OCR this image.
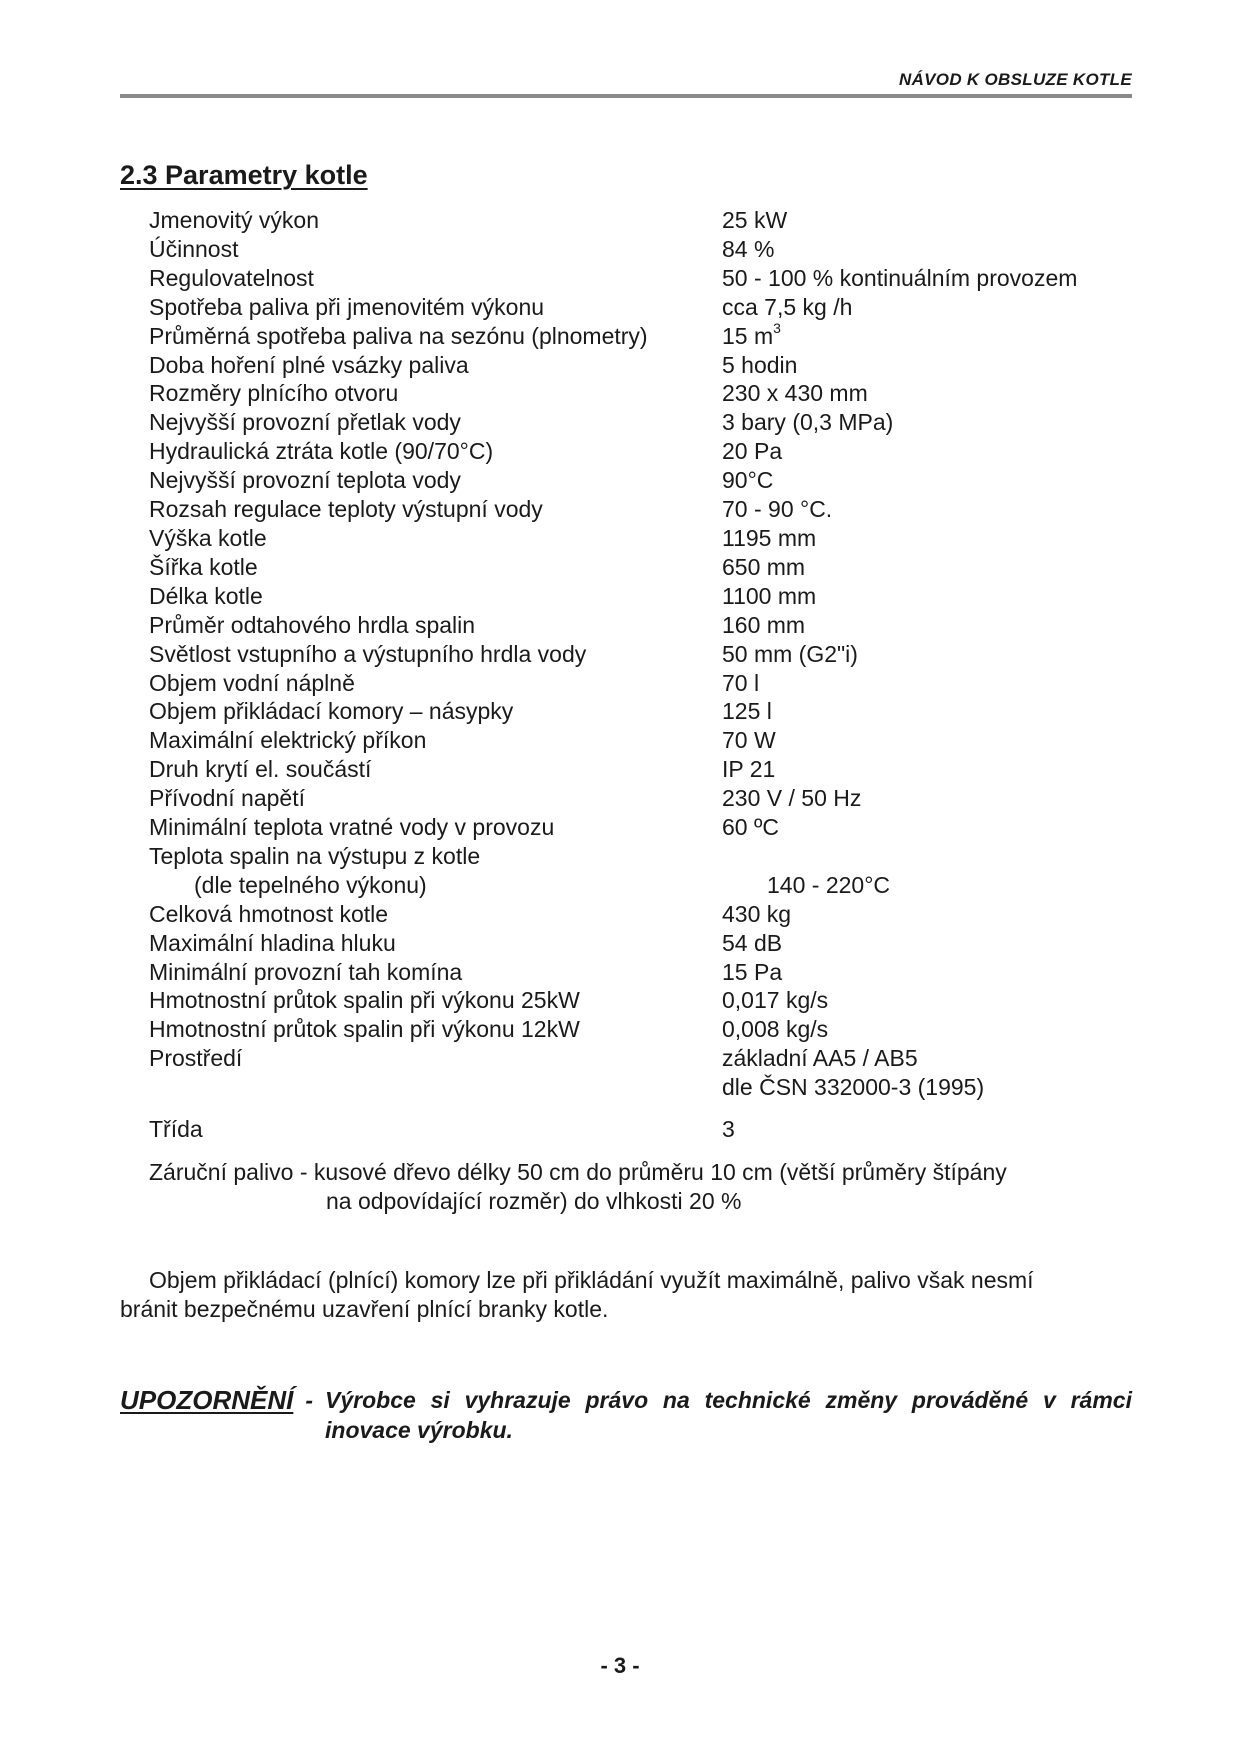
NÁVOD K OBSLUZE KOTLE
2.3 Parametry kotle
Jmenovitý výkon	25 kW
Účinnost	84 %
Regulovatelnost	50 - 100 % kontinuálním provozem
Spotřeba paliva při jmenovitém výkonu	cca 7,5 kg /h
Průměrná spotřeba paliva na sezónu (plnometry)	15 $m^3$
Doba hoření plné vsázky paliva	5 hodin
Rozměry plnícího otvoru	230 x 430 mm
Nejvyšší provozní přetlak vody	3 bary (0,3 MPa)
Hydraulická ztráta kotle (90/70°C)	20 Pa
Nejvyšší provozní teplota vody	90°C
Rozsah regulace teploty výstupní vody	70 - 90 °C.
Výška kotle	1195 mm
Šířka kotle	650 mm
Délka kotle	1100 mm
Průměr odtahového hrdla spalin	160 mm
Světlost vstupního a výstupního hrdla vody	50 mm (G2"i)
Objem vodní náplně	70 l
Objem přikládací komory – násypky	125 l
Maximální elektrický příkon	70 W
Druh krytí el. součástí	IP 21
Přívodní napětí	230 V / 50 Hz
Minimální teplota vratné vody v provozu	60 ºC
Teplota spalin na výstupu z kotle
(dle tepelného výkonu)	140 - 220°C
Celková hmotnost kotle	430 kg
Maximální hladina hluku	54 dB
Minimální provozní tah komína	15 Pa
Hmotnostní průtok spalin při výkonu 25kW	0,017 kg/s
Hmotnostní průtok spalin při výkonu 12kW	0,008 kg/s
Prostředí	základní AA5 / AB5
dle ČSN 332000-3 (1995)
Třída	3
Záruční palivo - kusové dřevo délky 50 cm do průměru 10 cm (větší průměry štípány
na odpovídající rozměr) do vlhkosti 20 %
Objem přikládací (plnící) komory lze při přikládání využít maximálně, palivo však nesmí
bránit bezpečnému uzavření plnící branky kotle.
UPOZORNĚNÍ - Výrobce si vyhrazuje právo na technické změny prováděné v rámci inovace výrobku.
- 3 -
